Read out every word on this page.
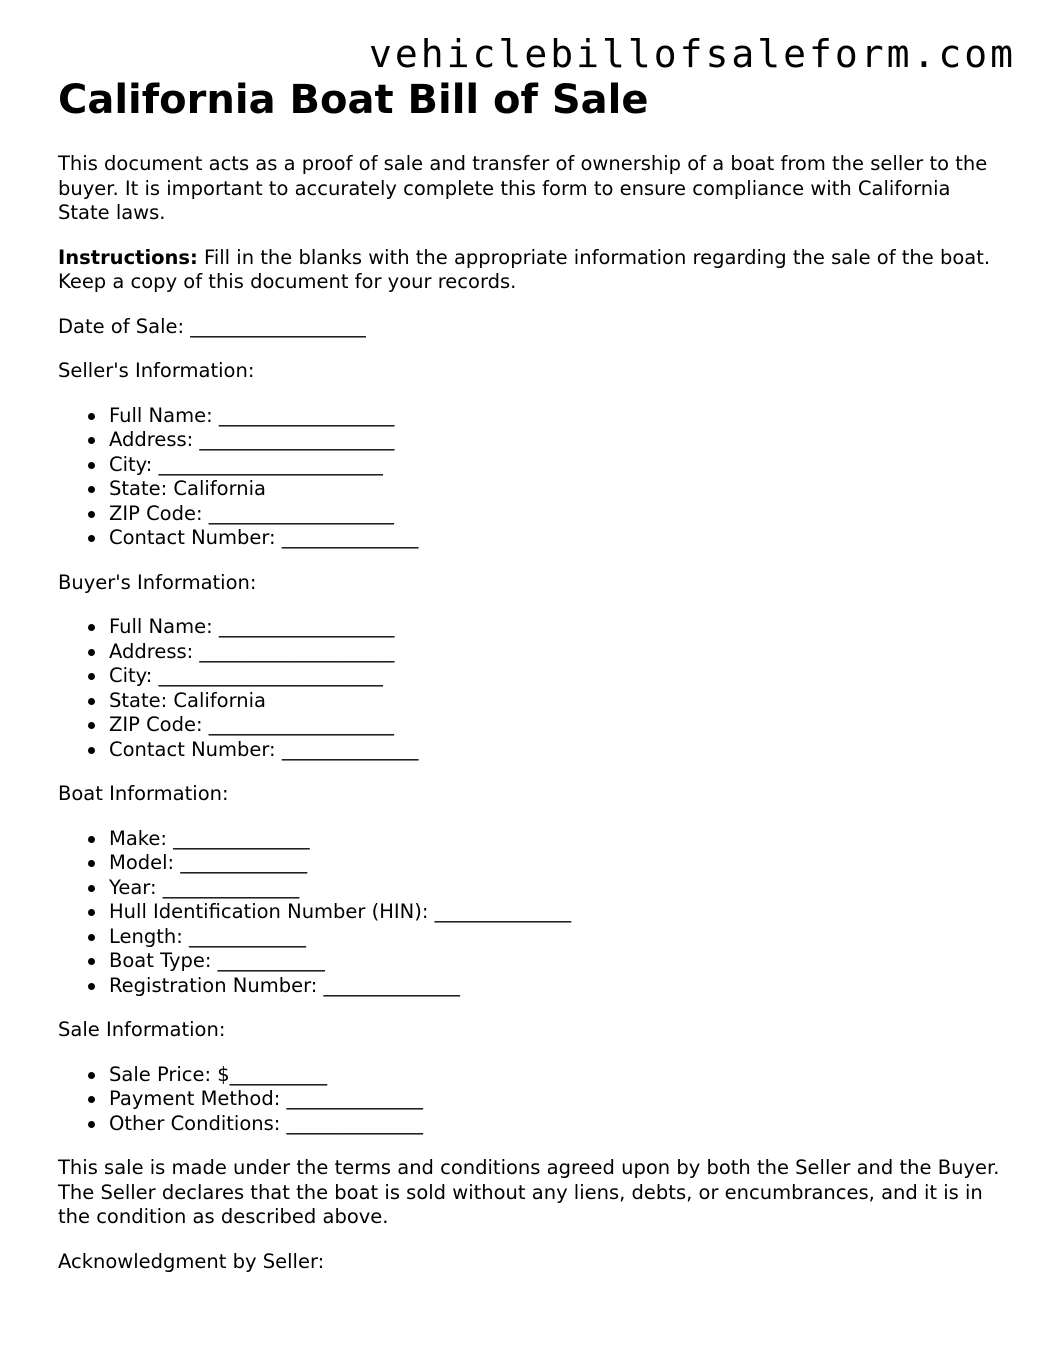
vehiclebillofsaleform.com
California Boat Bill of Sale

This document acts as a proof of sale and transfer of ownership of a boat from the seller to the buyer. It is important to accurately complete this form to ensure compliance with California State laws.

Instructions: Fill in the blanks with the appropriate information regarding the sale of the boat. Keep a copy of this document for your records.

Date of Sale: __________________

Seller's Information:

Full Name: __________________
Address: ____________________
City: _______________________
State: California
ZIP Code: ___________________
Contact Number: ______________

Buyer's Information:

Full Name: __________________
Address: ____________________
City: _______________________
State: California
ZIP Code: ___________________
Contact Number: ______________

Boat Information:

Make: ______________
Model: _____________
Year: ______________
Hull Identification Number (HIN): ______________
Length: ____________
Boat Type: ___________
Registration Number: ______________

Sale Information:

Sale Price: $__________
Payment Method: ______________
Other Conditions: ______________

This sale is made under the terms and conditions agreed upon by both the Seller and the Buyer. The Seller declares that the boat is sold without any liens, debts, or encumbrances, and it is in the condition as described above.

Acknowledgment by Seller:
